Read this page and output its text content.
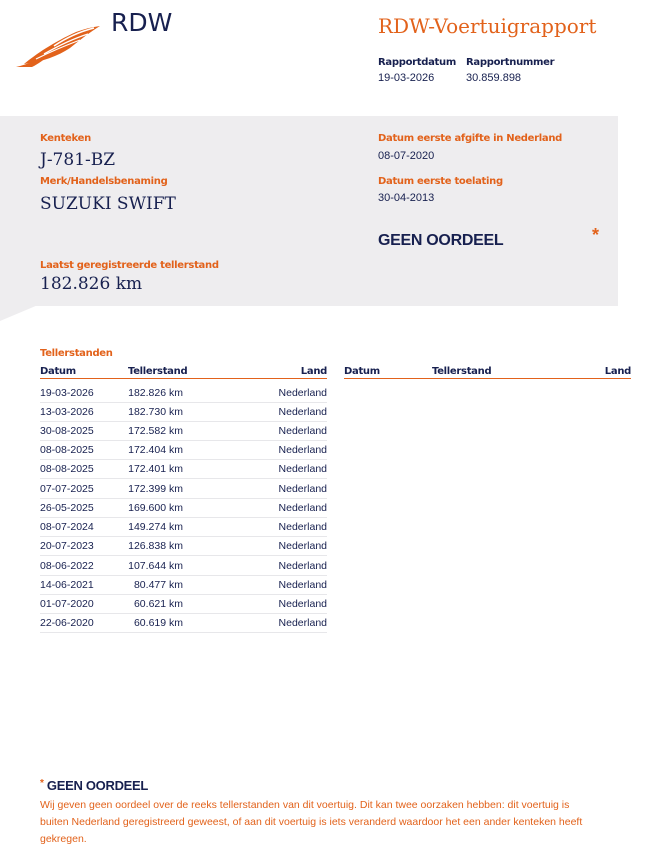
RDW	RDW-Voertuigrapport
Rapportdatum
19-03-2026
Rapportnummer
30.859.898
Kenteken
J-781-BZ
Merk/Handelsbenaming
SUZUKI SWIFT
Laatst geregistreerde tellerstand
182.826 km
Datum eerste afgifte in Nederland
08-07-2020
Datum eerste toelating
30-04-2013
GEEN OORDEEL	*
Tellerstanden
Datum	Tellerstand	Land Datum	Tellerstand	Land
19-03-2026	182.826 km	Nederland
13-03-2026	182.730 km	Nederland
30-08-2025	172.582 km	Nederland
08-08-2025	172.404 km	Nederland
08-08-2025	172.401 km	Nederland
07-07-2025	172.399 km	Nederland
26-05-2025	169.600 km	Nederland
08-07-2024	149.274 km	Nederland
20-07-2023	126.838 km	Nederland
08-06-2022	107.644 km	Nederland
14-06-2021	80.477 km	Nederland
01-07-2020	60.621 km	Nederland
22-06-2020	60.619 km	Nederland
* GEEN OORDEEL
Wij geven geen oordeel over de reeks tellerstanden van dit voertuig. Dit kan twee oorzaken hebben: dit voertuig is buiten Nederland geregistreerd geweest, of aan dit voertuig is iets veranderd waardoor het een ander kenteken heeft gekregen.
